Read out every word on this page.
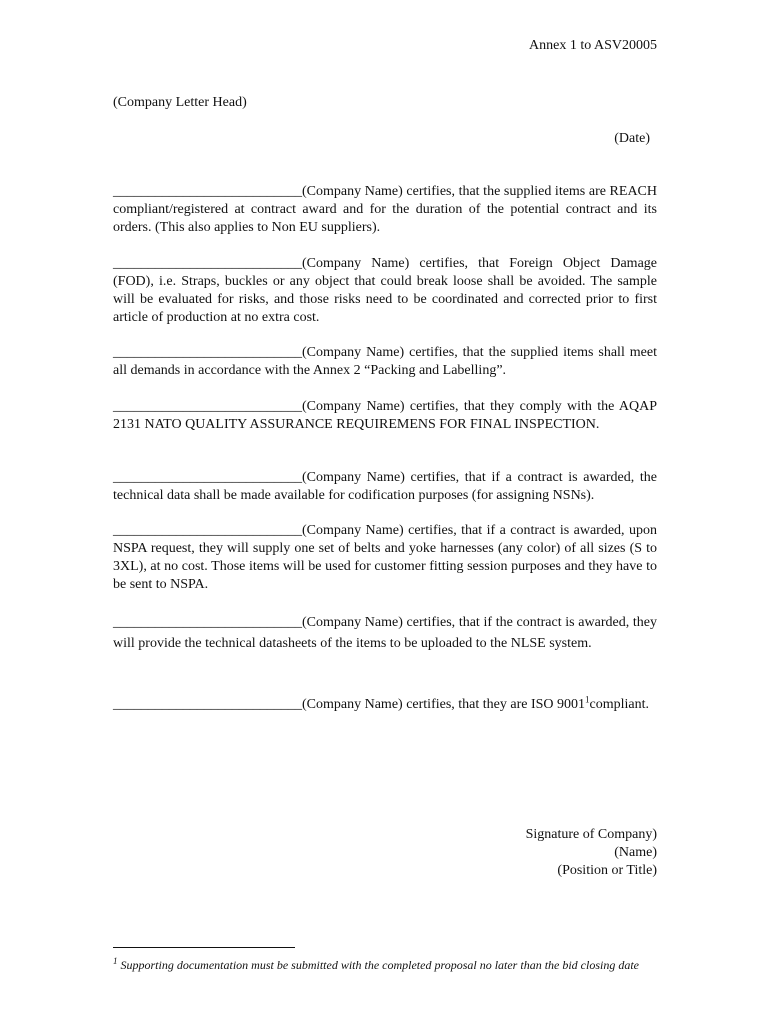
Annex 1 to ASV20005
(Company Letter Head)
(Date)

___________________________(Company Name) certifies, that the supplied items are REACH compliant/registered at contract award and for the duration of the potential contract and its orders. (This also applies to Non EU suppliers).

___________________________(Company Name) certifies, that Foreign Object Damage (FOD), i.e. Straps, buckles or any object that could break loose shall be avoided. The sample will be evaluated for risks, and those risks need to be coordinated and corrected prior to first article of production at no extra cost.

___________________________(Company Name) certifies, that the supplied items shall meet all demands in accordance with the Annex 2 “Packing and Labelling”.

___________________________(Company Name) certifies, that they comply with the AQAP 2131 NATO QUALITY ASSURANCE REQUIREMENS FOR FINAL INSPECTION.

___________________________(Company Name) certifies, that if a contract is awarded, the technical data shall be made available for codification purposes (for assigning NSNs).

___________________________(Company Name) certifies, that if a contract is awarded, upon NSPA request, they will supply one set of belts and yoke harnesses (any color) of all sizes (S to 3XL), at no cost. Those items will be used for customer fitting session purposes and they have to be sent to NSPA.

___________________________(Company Name) certifies, that if the contract is awarded, they will provide the technical datasheets of the items to be uploaded to the NLSE system.

___________________________(Company Name) certifies, that they are ISO 9001$^1$compliant.

Signature of Company)
(Name)
(Position or Title)
$^1$ Supporting documentation must be submitted with the completed proposal no later than the bid closing date
